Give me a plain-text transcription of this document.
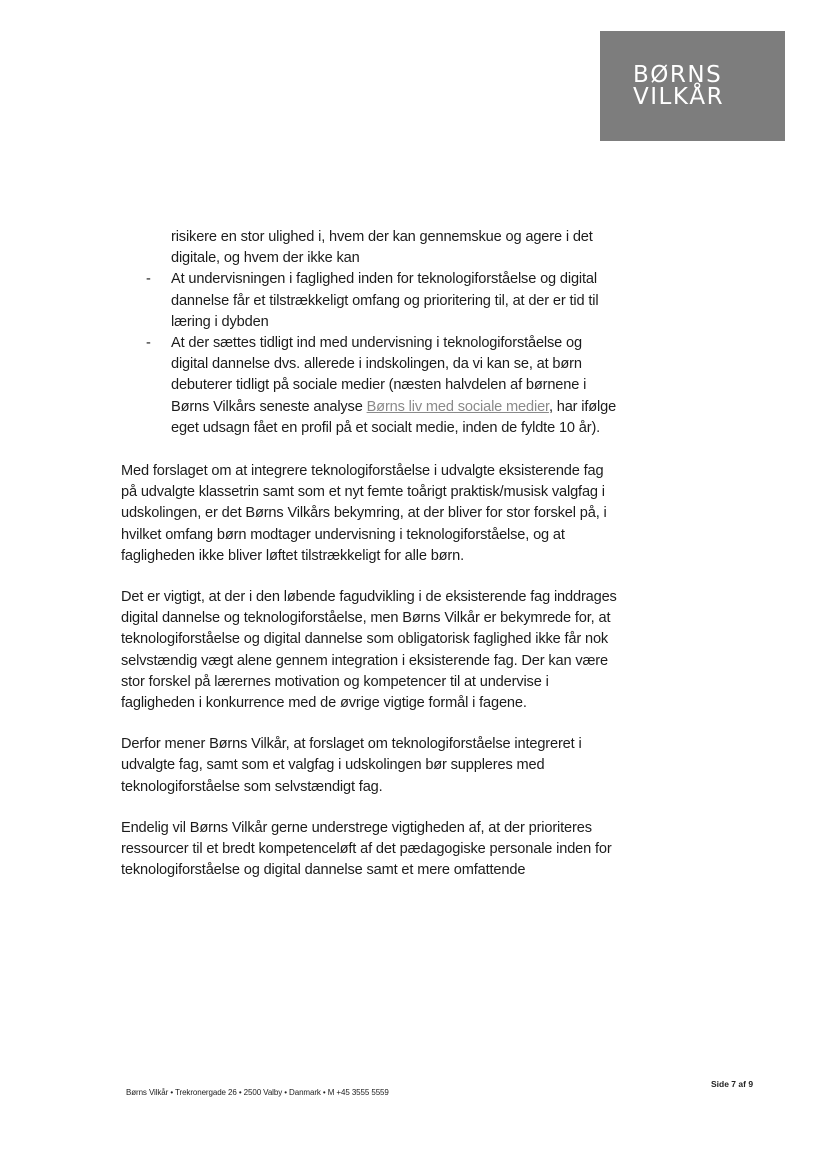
BØRNS
VILKÅR
risikere en stor ulighed i, hvem der kan gennemskue og agere i det digitale, og hvem der ikke kan
- At undervisningen i faglighed inden for teknologiforståelse og digital dannelse får et tilstrækkeligt omfang og prioritering til, at der er tid til læring i dybden
- At der sættes tidligt ind med undervisning i teknologiforståelse og digital dannelse dvs. allerede i indskolingen, da vi kan se, at børn debuterer tidligt på sociale medier (næsten halvdelen af børnene i Børns Vilkårs seneste analyse Børns liv med sociale medier, har ifølge eget udsagn fået en profil på et socialt medie, inden de fyldte 10 år).

Med forslaget om at integrere teknologiforståelse i udvalgte eksisterende fag på udvalgte klassetrin samt som et nyt femte toårigt praktisk/musisk valgfag i udskolingen, er det Børns Vilkårs bekymring, at der bliver for stor forskel på, i hvilket omfang børn modtager undervisning i teknologiforståelse, og at fagligheden ikke bliver løftet tilstrækkeligt for alle børn.

Det er vigtigt, at der i den løbende fagudvikling i de eksisterende fag inddrages digital dannelse og teknologiforståelse, men Børns Vilkår er bekymrede for, at teknologiforståelse og digital dannelse som obligatorisk faglighed ikke får nok selvstændig vægt alene gennem integration i eksisterende fag. Der kan være stor forskel på lærernes motivation og kompetencer til at undervise i fagligheden i konkurrence med de øvrige vigtige formål i fagene.

Derfor mener Børns Vilkår, at forslaget om teknologiforståelse integreret i udvalgte fag, samt som et valgfag i udskolingen bør suppleres med teknologiforståelse som selvstændigt fag.

Endelig vil Børns Vilkår gerne understrege vigtigheden af, at der prioriteres ressourcer til et bredt kompetenceløft af det pædagogiske personale inden for teknologiforståelse og digital dannelse samt et mere omfattende

Børns Vilkår • Trekronergade 26 • 2500 Valby • Danmark • M +45 3555 5559
Side 7 af 9
